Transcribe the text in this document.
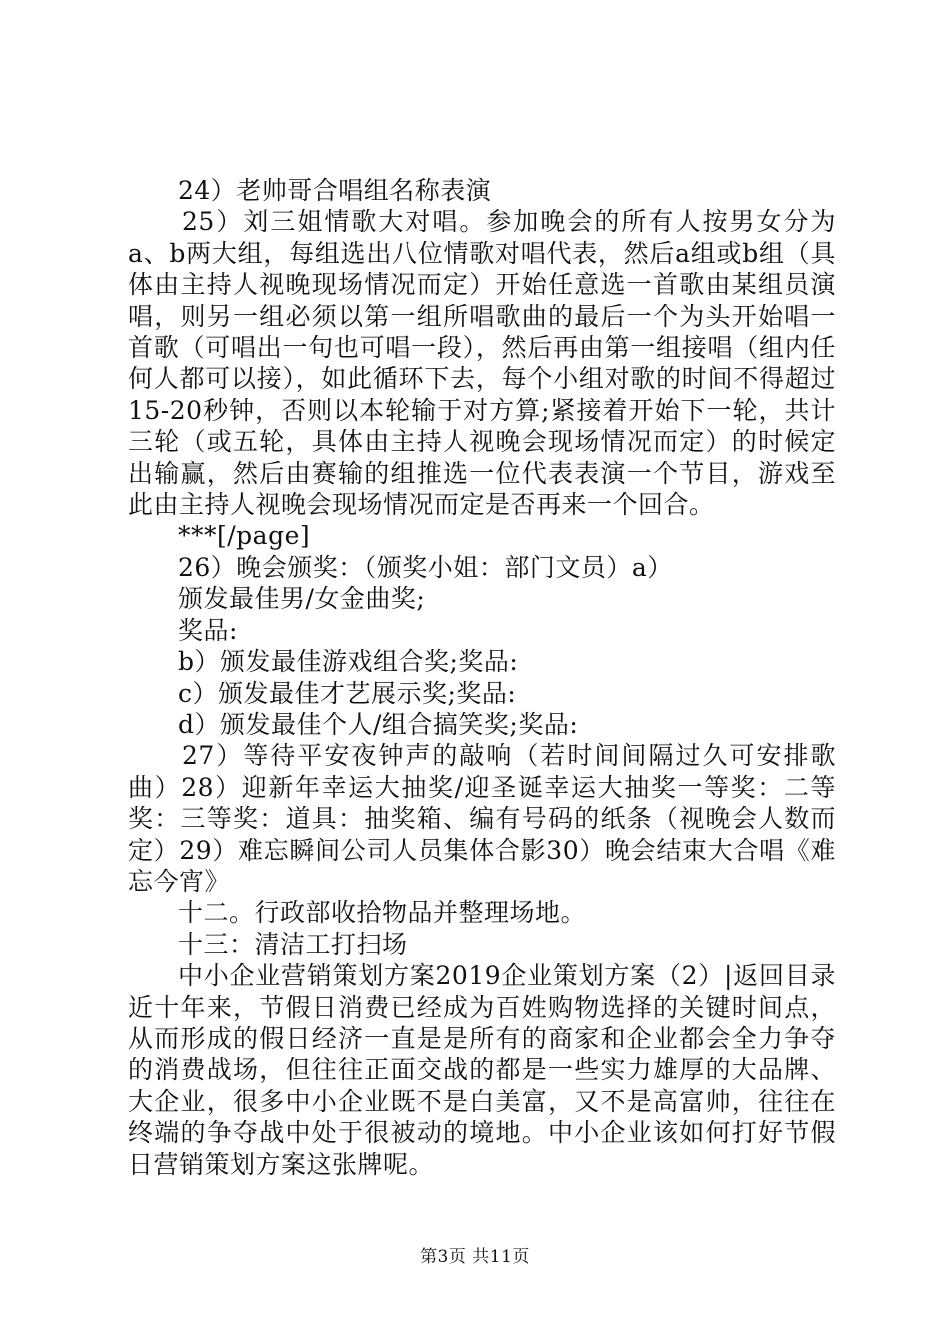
24）老帅哥合唱组名称表演

25）刘三姐情歌大对唱。参加晚会的所有人按男女分为a、b两大组，每组选出八位情歌对唱代表，然后a组或b组（具体由主持人视晚现场情况而定）开始任意选一首歌由某组员演唱，则另一组必须以第一组所唱歌曲的最后一个为头开始唱一首歌（可唱出一句也可唱一段），然后再由第一组接唱（组内任何人都可以接），如此循环下去，每个小组对歌的时间不得超过15-20秒钟，否则以本轮输于对方算;紧接着开始下一轮，共计三轮（或五轮，具体由主持人视晚会现场情况而定）的时候定出输赢，然后由赛输的组推选一位代表表演一个节目，游戏至此由主持人视晚会现场情况而定是否再来一个回合。

***[/page]

26）晚会颁奖：（颁奖小姐：部门文员）a）

颁发最佳男/女金曲奖;

奖品:

b）颁发最佳游戏组合奖;奖品:

c）颁发最佳才艺展示奖;奖品:

d）颁发最佳个人/组合搞笑奖;奖品:

27）等待平安夜钟声的敲响（若时间间隔过久可安排歌曲）28）迎新年幸运大抽奖/迎圣诞幸运大抽奖一等奖：二等奖：三等奖：道具：抽奖箱、编有号码的纸条（视晚会人数而定）29）难忘瞬间公司人员集体合影30）晚会结束大合唱《难忘今宵》

十二。行政部收拾物品并整理场地。

十三：清洁工打扫场

中小企业营销策划方案2019企业策划方案（2）|返回目录近十年来，节假日消费已经成为百姓购物选择的关键时间点，从而形成的假日经济一直是是所有的商家和企业都会全力争夺的消费战场，但往往正面交战的都是一些实力雄厚的大品牌、大企业，很多中小企业既不是白美富，又不是高富帅，往往在终端的争夺战中处于很被动的境地。中小企业该如何打好节假日营销策划方案这张牌呢。

第3页 共11页
